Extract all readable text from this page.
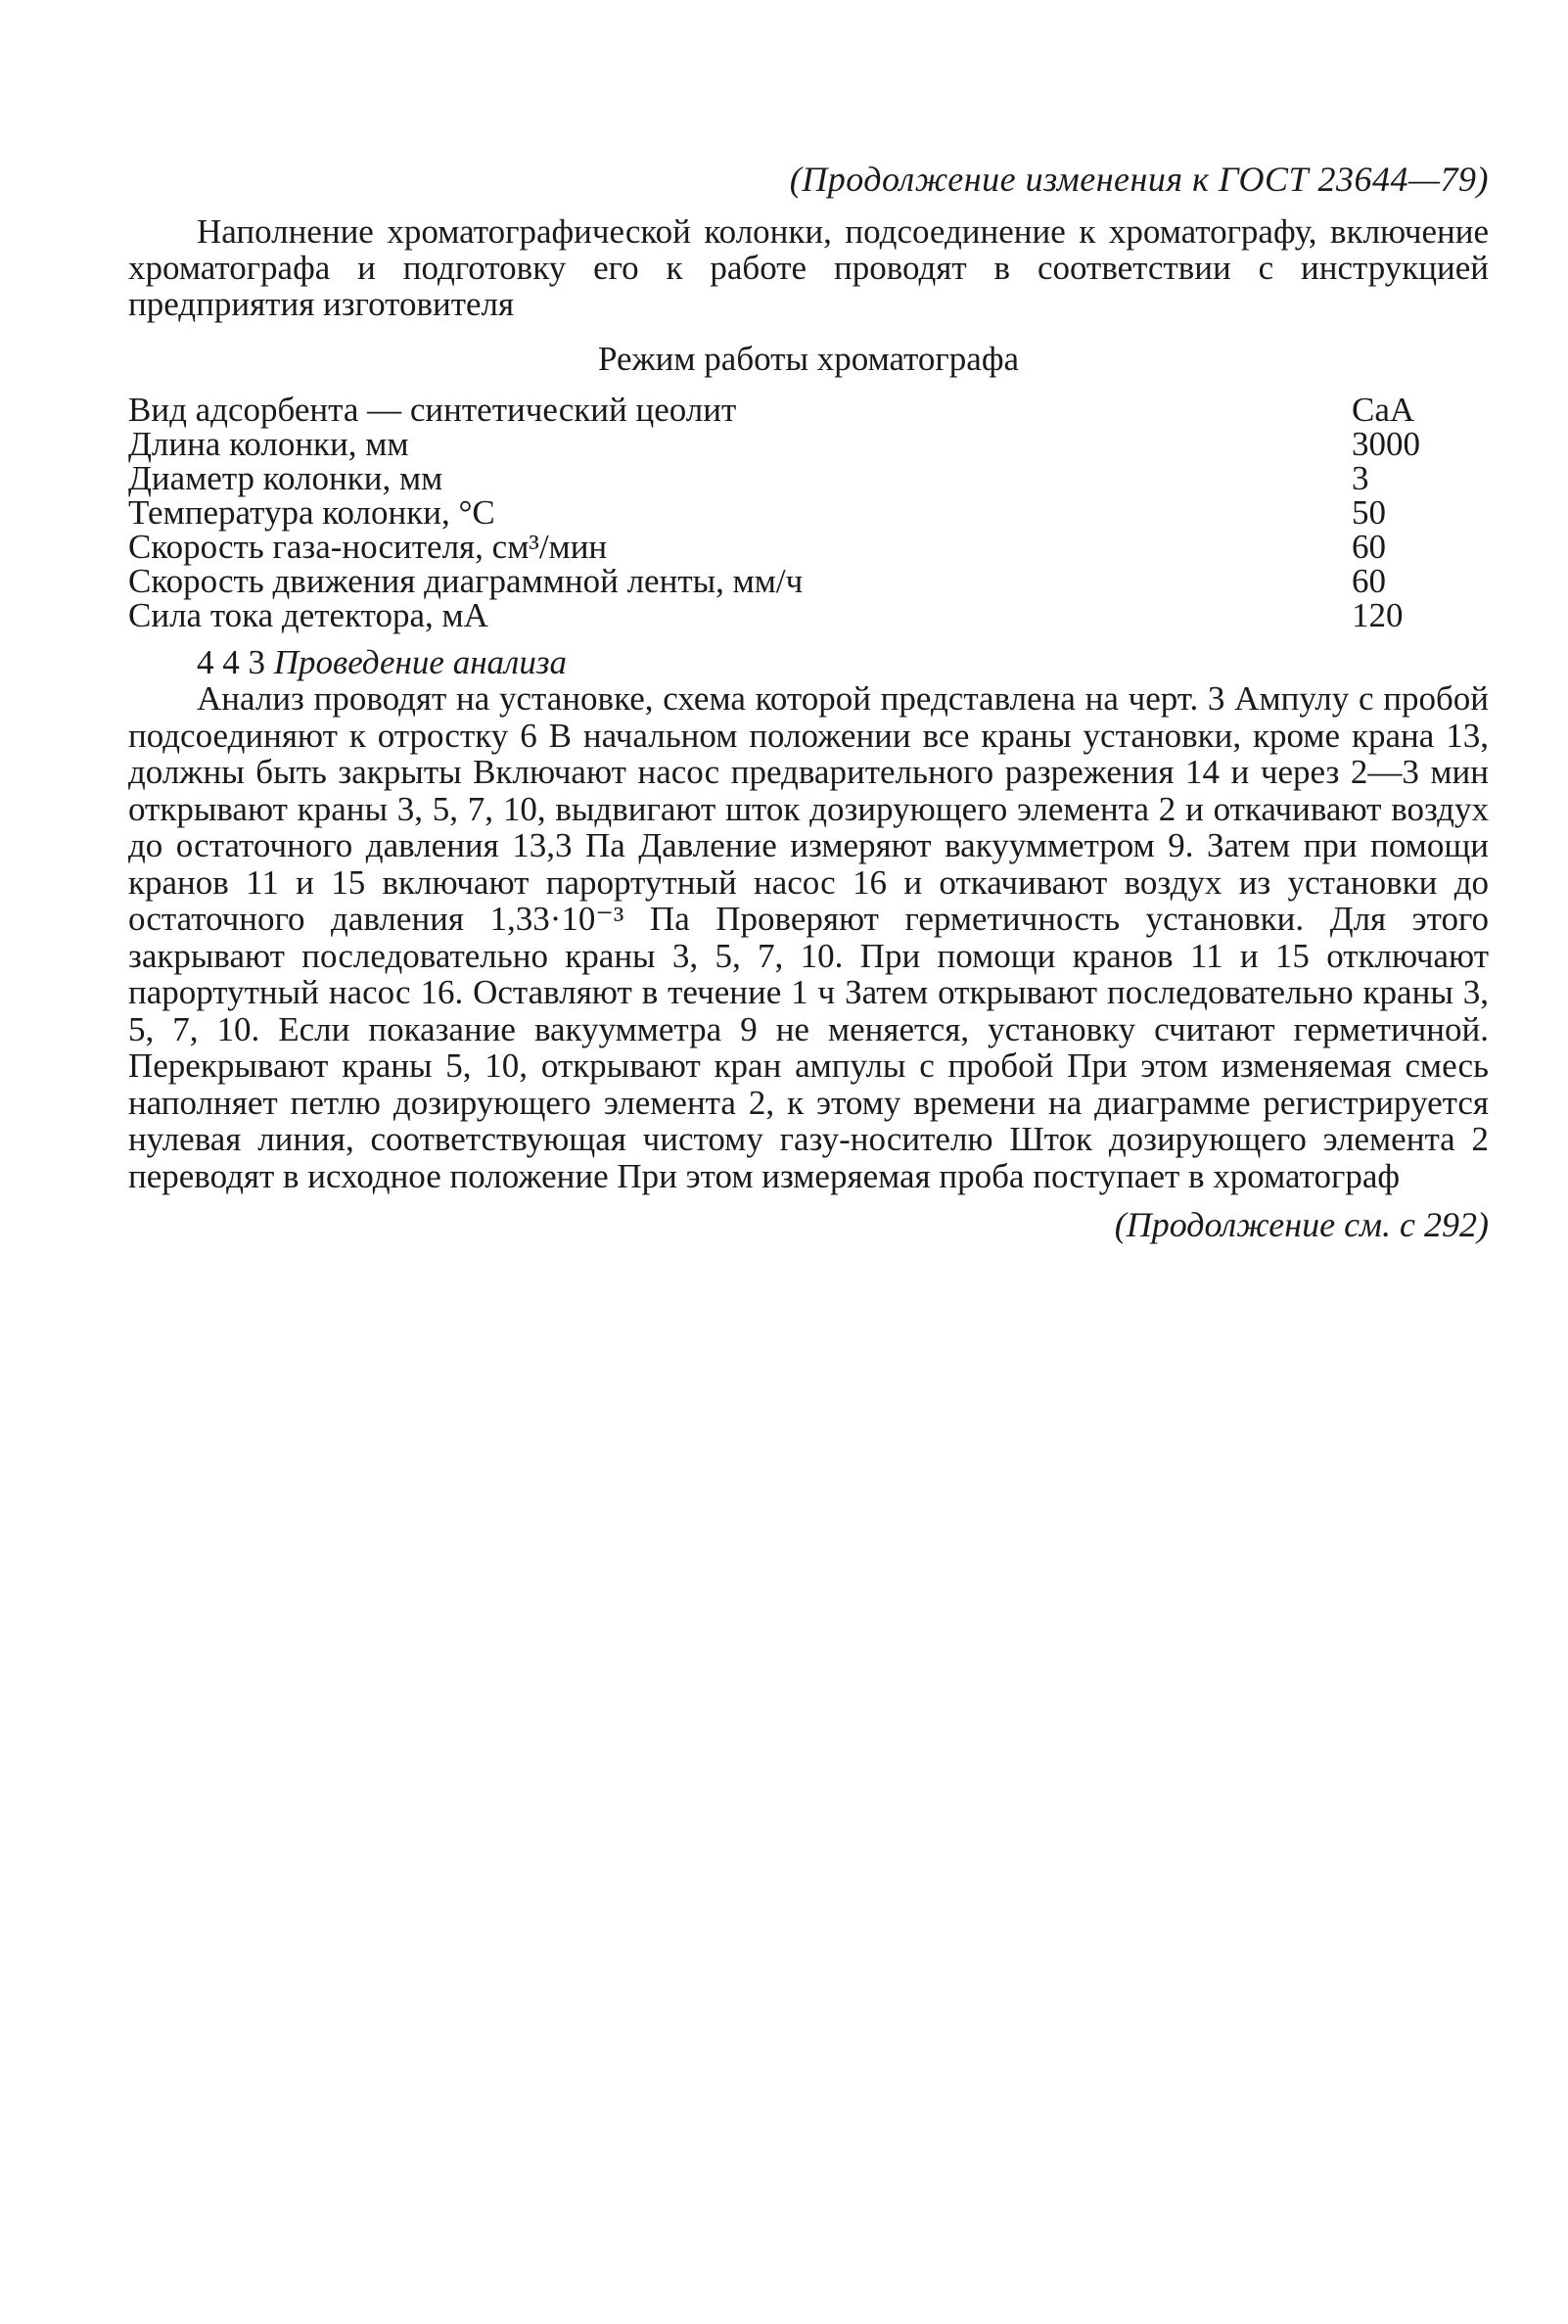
(Продолжение изменения к ГОСТ 23644—79)

Наполнение хроматографической колонки, подсоединение к хроматографу, включение хроматографа и подготовку его к работе проводят в соответствии с инструкцией предприятия изготовителя

Режим работы хроматографа
Вид адсорбента — синтетический цеолит	CaA
Длина колонки, мм	3000
Диаметр колонки, мм	3
Температура колонки, °С	50
Скорость газа-носителя, см³/мин	60
Скорость движения диаграммной ленты, мм/ч	60
Сила тока детектора, мА	120

4 4 3 Проведение анализа

Анализ проводят на установке, схема которой представлена на черт. 3 Ампулу с пробой подсоединяют к отростку 6 В начальном положении все краны установки, кроме крана 13, должны быть закрыты Включают насос предварительного разрежения 14 и через 2—3 мин открывают краны 3, 5, 7, 10, выдвигают шток дозирующего элемента 2 и откачивают воздух до остаточного давления 13,3 Па Давление измеряют вакуумметром 9. Затем при помощи кранов 11 и 15 включают парортутный насос 16 и откачивают воздух из установки до остаточного давления 1,33·10⁻³ Па Проверяют герметичность установки. Для этого закрывают последовательно краны 3, 5, 7, 10. При помощи кранов 11 и 15 отключают парортутный насос 16. Оставляют в течение 1 ч Затем открывают последовательно краны 3, 5, 7, 10. Если показание вакуумметра 9 не меняется, установку считают герметичной. Перекрывают краны 5, 10, открывают кран ампулы с пробой При этом изменяемая смесь наполняет петлю дозирующего элемента 2, к этому времени на диаграмме регистрируется нулевая линия, соответствующая чистому газу-носителю Шток дозирующего элемента 2 переводят в исходное положение При этом измеряемая проба поступает в хроматограф

(Продолжение см. с 292)
